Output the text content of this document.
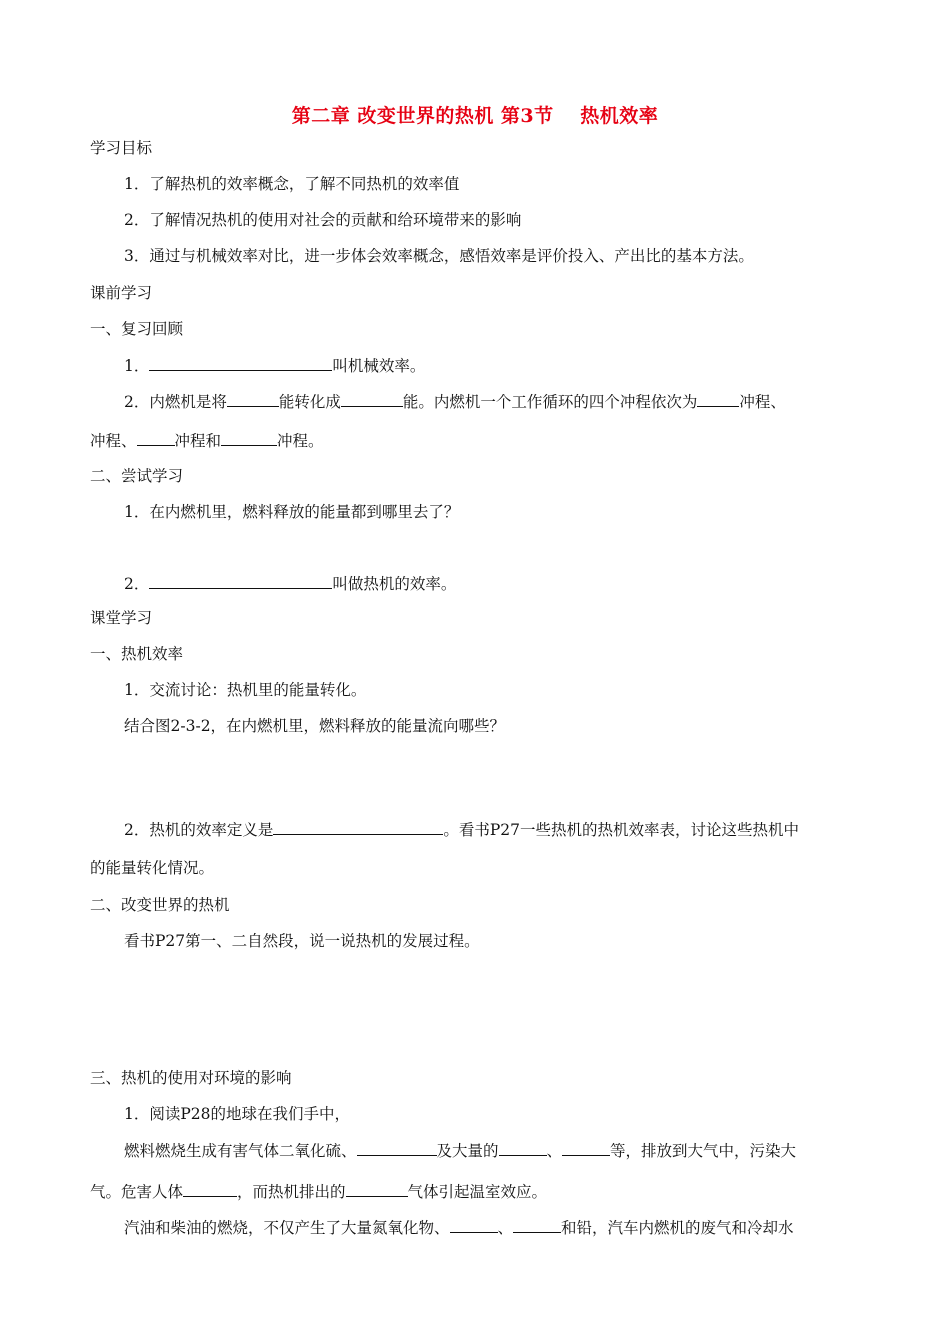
第二章 改变世界的热机 第3节　 热机效率
学习目标
1．了解热机的效率概念，了解不同热机的效率值
2．了解情况热机的使用对社会的贡献和给环境带来的影响
3．通过与机械效率对比，进一步体会效率概念，感悟效率是评价投入、产出比的基本方法。
课前学习
一、复习回顾
1．	叫机械效率。
2．内燃机是将	能转化成	能。内燃机一个工作循环的四个冲程依次为	冲程、
冲程、 冲程和	冲程。
二、尝试学习
1．在内燃机里，燃料释放的能量都到哪里去了？
2．	叫做热机的效率。
课堂学习
一、热机效率
1．交流讨论：热机里的能量转化。
结合图2-3-2，在内燃机里，燃料释放的能量流向哪些？
2．热机的效率定义是	。看书P27一些热机的热机效率表，讨论这些热机中
的能量转化情况。
二、改变世界的热机
看书P27第一、二自然段，说一说热机的发展过程。
三、热机的使用对环境的影响
1．阅读P28的地球在我们手中，
燃料燃烧生成有害气体二氧化硫、	及大量的	、	等，排放到大气中，污染大
气。危害人体	，而热机排出的	气体引起温室效应。
汽油和柴油的燃烧，不仅产生了大量氮氧化物、	、	和铅，汽车内燃机的废气和冷却水
